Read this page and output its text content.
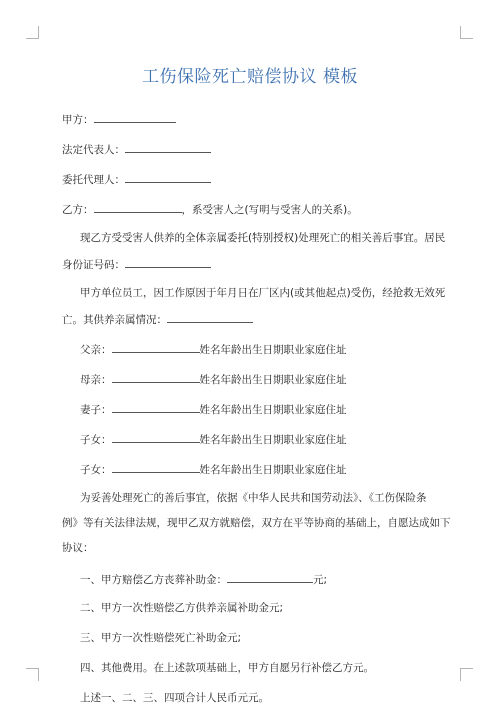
工伤保险死亡赔偿协议 模板
甲方：
法定代表人：
委托代理人：
乙方：	，系受害人之(写明与受害人的关系)。
现乙方受受害人供养的全体亲属委托(特别授权)处理死亡的相关善后事宜。居民
身份证号码：
甲方单位员工，因工作原因于年月日在厂区内(或其他起点)受伤，经抢救无效死
亡。其供养亲属情况：
父亲：	姓名年龄出生日期职业家庭住址
母亲：	姓名年龄出生日期职业家庭住址
妻子：	姓名年龄出生日期职业家庭住址
子女：	姓名年龄出生日期职业家庭住址
子女：	姓名年龄出生日期职业家庭住址
为妥善处理死亡的善后事宜，依据《中华人民共和国劳动法》、《工伤保险条
例》等有关法律法规，现甲乙双方就赔偿，双方在平等协商的基础上，自愿达成如下
协议：
一、甲方赔偿乙方丧葬补助金：	元;
二、甲方一次性赔偿乙方供养亲属补助金元;
三、甲方一次性赔偿死亡补助金元;
四、其他费用。在上述款项基础上，甲方自愿另行补偿乙方元。
上述一、二、三、四项合计人民币元元。
